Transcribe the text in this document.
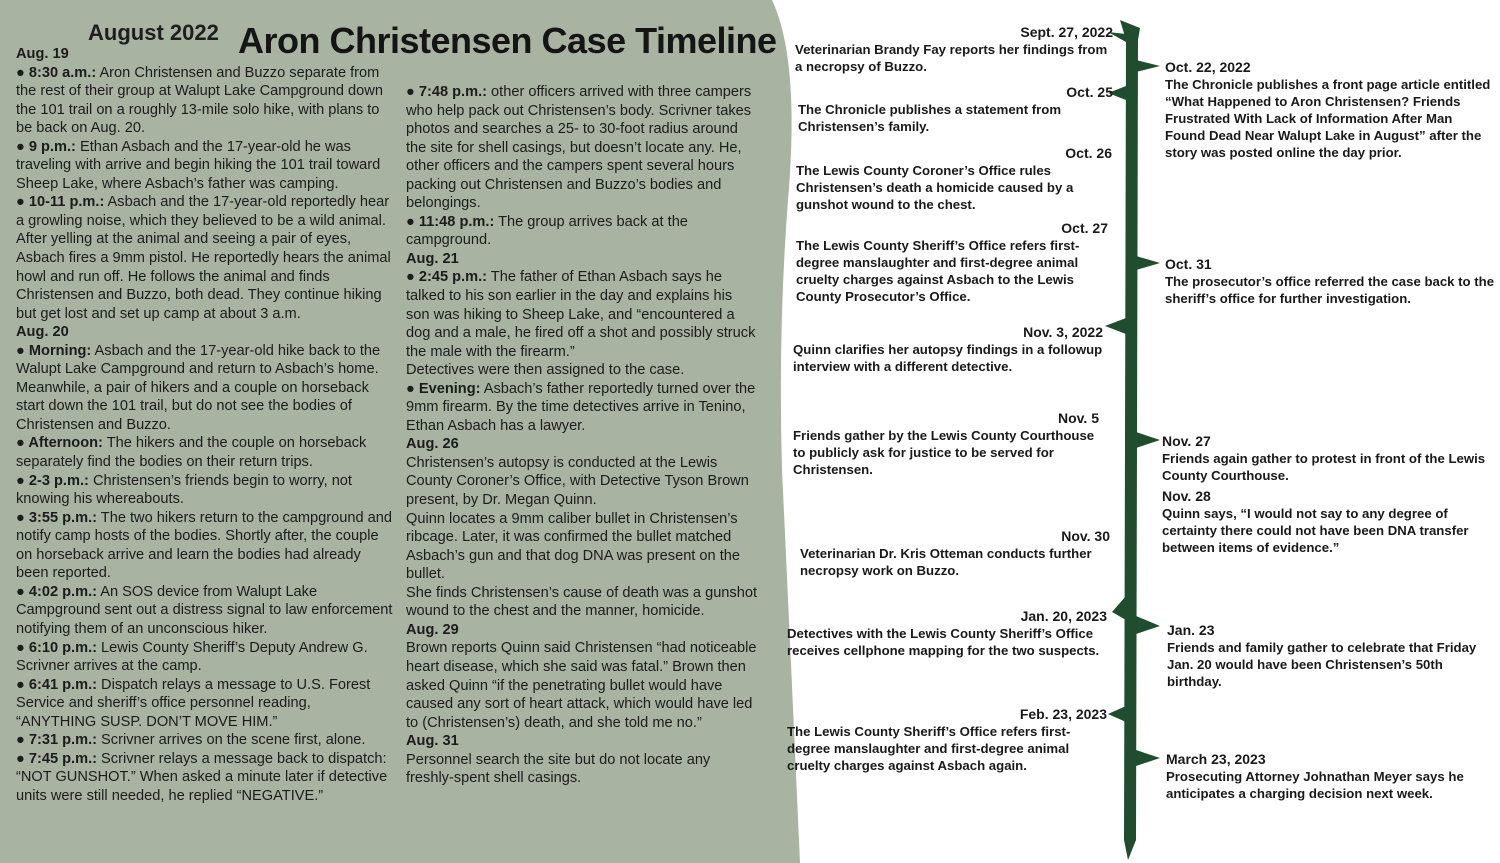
August 2022 Aron Christensen Case Timeline

Aug. 19

● 8:30 a.m.: Aron Christensen and Buzzo separate from the rest of their group at Walupt Lake Campground down the 101 trail on a roughly 13-mile solo hike, with plans to be back on Aug. 20.

● 9 p.m.: Ethan Asbach and the 17-year-old he was traveling with arrive and begin hiking the 101 trail toward Sheep Lake, where Asbach’s father was camping.

● 10-11 p.m.: Asbach and the 17-year-old reportedly hear a growling noise, which they believed to be a wild animal. After yelling at the animal and seeing a pair of eyes, Asbach fires a 9mm pistol. He reportedly hears the animal howl and run off. He follows the animal and finds Christensen and Buzzo, both dead. They continue hiking but get lost and set up camp at about 3 a.m.

Aug. 20

● Morning: Asbach and the 17-year-old hike back to the Walupt Lake Campground and return to Asbach’s home. Meanwhile, a pair of hikers and a couple on horseback start down the 101 trail, but do not see the bodies of Christensen and Buzzo.

● Afternoon: The hikers and the couple on horseback separately find the bodies on their return trips.

● 2-3 p.m.: Christensen’s friends begin to worry, not knowing his whereabouts.

● 3:55 p.m.: The two hikers return to the campground and notify camp hosts of the bodies. Shortly after, the couple on horseback arrive and learn the bodies had already been reported.

● 4:02 p.m.: An SOS device from Walupt Lake Campground sent out a distress signal to law enforcement notifying them of an unconscious hiker.

● 6:10 p.m.: Lewis County Sheriff’s Deputy Andrew G. Scrivner arrives at the camp.

● 6:41 p.m.: Dispatch relays a message to U.S. Forest Service and sheriff’s office personnel reading, “ANYTHING SUSP. DON’T MOVE HIM.”

● 7:31 p.m.: Scrivner arrives on the scene first, alone.

● 7:45 p.m.: Scrivner relays a message back to dispatch: “NOT GUNSHOT.” When asked a minute later if detective units were still needed, he replied “NEGATIVE.”

● 7:48 p.m.: other officers arrived with three campers who help pack out Christensen’s body. Scrivner takes photos and searches a 25- to 30-foot radius around the site for shell casings, but doesn’t locate any. He, other officers and the campers spent several hours packing out Christensen and Buzzo’s bodies and belongings.

● 11:48 p.m.: The group arrives back at the campground.

Aug. 21

● 2:45 p.m.: The father of Ethan Asbach says he talked to his son earlier in the day and explains his son was hiking to Sheep Lake, and “encountered a dog and a male, he fired off a shot and possibly struck the male with the firearm.”

Detectives were then assigned to the case.

● Evening: Asbach’s father reportedly turned over the 9mm firearm. By the time detectives arrive in Tenino, Ethan Asbach has a lawyer.

Aug. 26

Christensen’s autopsy is conducted at the Lewis County Coroner’s Office, with Detective Tyson Brown present, by Dr. Megan Quinn.

Quinn locates a 9mm caliber bullet in Christensen’s ribcage. Later, it was confirmed the bullet matched Asbach’s gun and that dog DNA was present on the bullet.

She finds Christensen’s cause of death was a gunshot wound to the chest and the manner, homicide.

Aug. 29

Brown reports Quinn said Christensen “had noticeable heart disease, which she said was fatal.” Brown then asked Quinn “if the penetrating bullet would have caused any sort of heart attack, which would have led to (Christensen’s) death, and she told me no.”

Aug. 31

Personnel search the site but do not locate any freshly-spent shell casings.

Sept. 27, 2022
Veterinarian Brandy Fay reports her findings from a necropsy of Buzzo.
Oct. 25
The Chronicle publishes a statement from Christensen’s family.
Oct. 26
The Lewis County Coroner’s Office rules Christensen’s death a homicide caused by a gunshot wound to the chest.
Oct. 27
The Lewis County Sheriff’s Office refers first-degree manslaughter and first-degree animal cruelty charges against Asbach to the Lewis County Prosecutor’s Office.
Nov. 3, 2022
Quinn clarifies her autopsy findings in a followup interview with a different detective.
Nov. 5
Friends gather by the Lewis County Courthouse to publicly ask for justice to be served for Christensen.
Nov. 30
Veterinarian Dr. Kris Otteman conducts further necropsy work on Buzzo.
Jan. 20, 2023
Detectives with the Lewis County Sheriff’s Office receives cellphone mapping for the two suspects.
Feb. 23, 2023
The Lewis County Sheriff’s Office refers first-degree manslaughter and first-degree animal cruelty charges against Asbach again.
Oct. 22, 2022
The Chronicle publishes a front page article entitled “What Happened to Aron Christensen? Friends Frustrated With Lack of Information After Man Found Dead Near Walupt Lake in August” after the story was posted online the day prior.
Oct. 31
The prosecutor’s office referred the case back to the sheriff’s office for further investigation.
Nov. 27
Friends again gather to protest in front of the Lewis County Courthouse.
Nov. 28
Quinn says, “I would not say to any degree of certainty there could not have been DNA transfer between items of evidence.”
Jan. 23
Friends and family gather to celebrate that Friday Jan. 20 would have been Christensen’s 50th birthday.
March 23, 2023
Prosecuting Attorney Johnathan Meyer says he anticipates a charging decision next week.
